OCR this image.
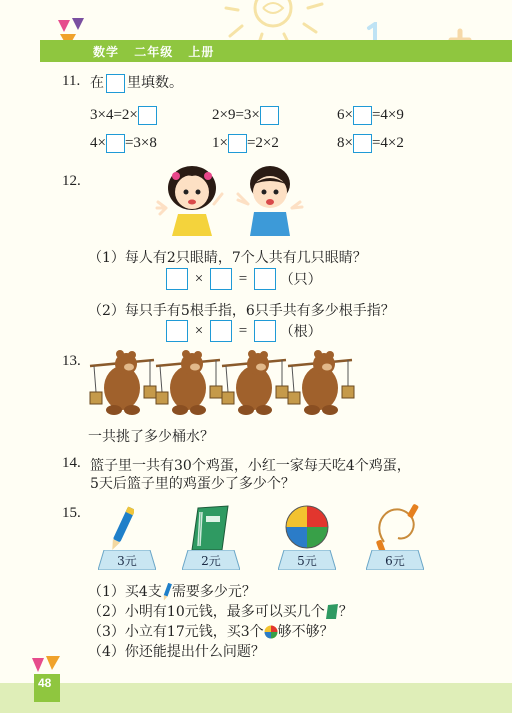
数学 二年级 上册
11. 在 里填数。
3×4=2×	2×9=3×	6× =4×9
4× =3×8	1× =2×2	8× =4×2
12.
（1）每人有2只眼睛，7个人共有几只眼睛？
× = （只）
（2）每只手有5根手指，6只手共有多少根手指？
× = （根）
13.
一共挑了多少桶水？
14. 篮子里一共有30个鸡蛋，小红一家每天吃4个鸡蛋，
5天后篮子里的鸡蛋少了多少个？
15.
3元	2元	5元	6元
（1）买4支 需要多少元？
（2）小明有10元钱，最多可以买几个 ？
（3）小立有17元钱，买3个 够不够？
（4）你还能提出什么问题？
48
